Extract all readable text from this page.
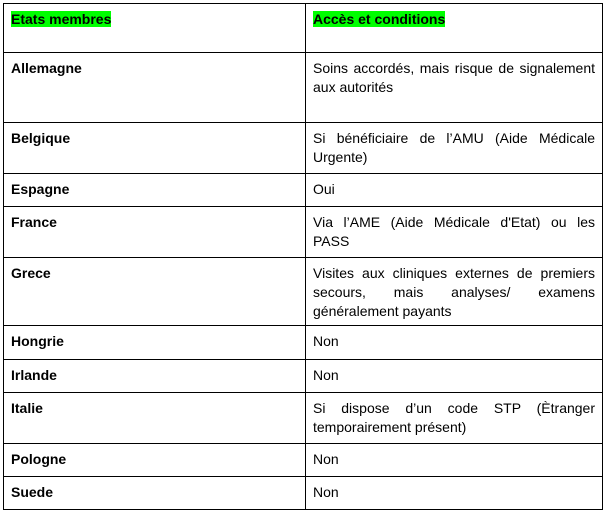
Etats membres	Accès et conditions
Allemagne	Soins accordés, mais risque de signalement aux autorités
Belgique	Si bénéficiaire de l’AMU (Aide Médicale Urgente)
Espagne	Oui
France	Via l’AME (Aide Médicale d'Etat) ou les PASS
Grece	Visites aux cliniques externes de premiers secours, mais analyses/ examens généralement payants
Hongrie	Non
Irlande	Non
Italie	Si dispose d’un code STP (Ètranger temporairement présent)
Pologne	Non
Suede	Non
